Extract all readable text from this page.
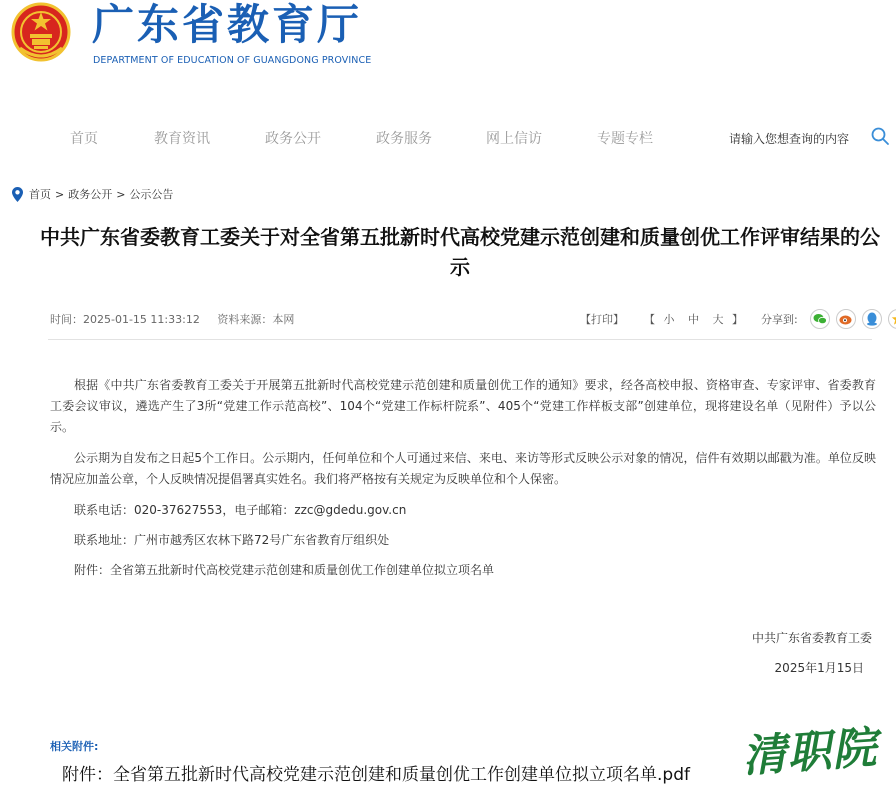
广东省教育厅
DEPARTMENT OF EDUCATION OF GUANGDONG PROVINCE
首页	教育资讯	政务公开	政务服务	网上信访	专题专栏	请输入您想查询的内容
首页 > 政务公开 > 公示公告
中共广东省委教育工委关于对全省第五批新时代高校党建示范创建和质量创优工作评审结果的公示
时间：2025-01-15 11:33:12 资料来源：本网	【打印】 【 小 中 大 】 分享到:

根据《中共广东省委教育工委关于开展第五批新时代高校党建示范创建和质量创优工作的通知》要求，经各高校申报、资格审查、专家评审、省委教育工委会议审议，遴选产生了3所“党建工作示范高校”、104个“党建工作标杆院系”、405个“党建工作样板支部”创建单位，现将建设名单（见附件）予以公示。

公示期为自发布之日起5个工作日。公示期内，任何单位和个人可通过来信、来电、来访等形式反映公示对象的情况，信件有效期以邮戳为准。单位反映情况应加盖公章，个人反映情况提倡署真实姓名。我们将严格按有关规定为反映单位和个人保密。

联系电话：020-37627553，电子邮箱：zzc@gdedu.gov.cn

联系地址：广州市越秀区农林下路72号广东省教育厅组织处

附件：全省第五批新时代高校党建示范创建和质量创优工作创建单位拟立项名单

中共广东省委教育工委
2025年1月15日
相关附件:
附件：全省第五批新时代高校党建示范创建和质量创优工作创建单位拟立项名单.pdf 清职院
